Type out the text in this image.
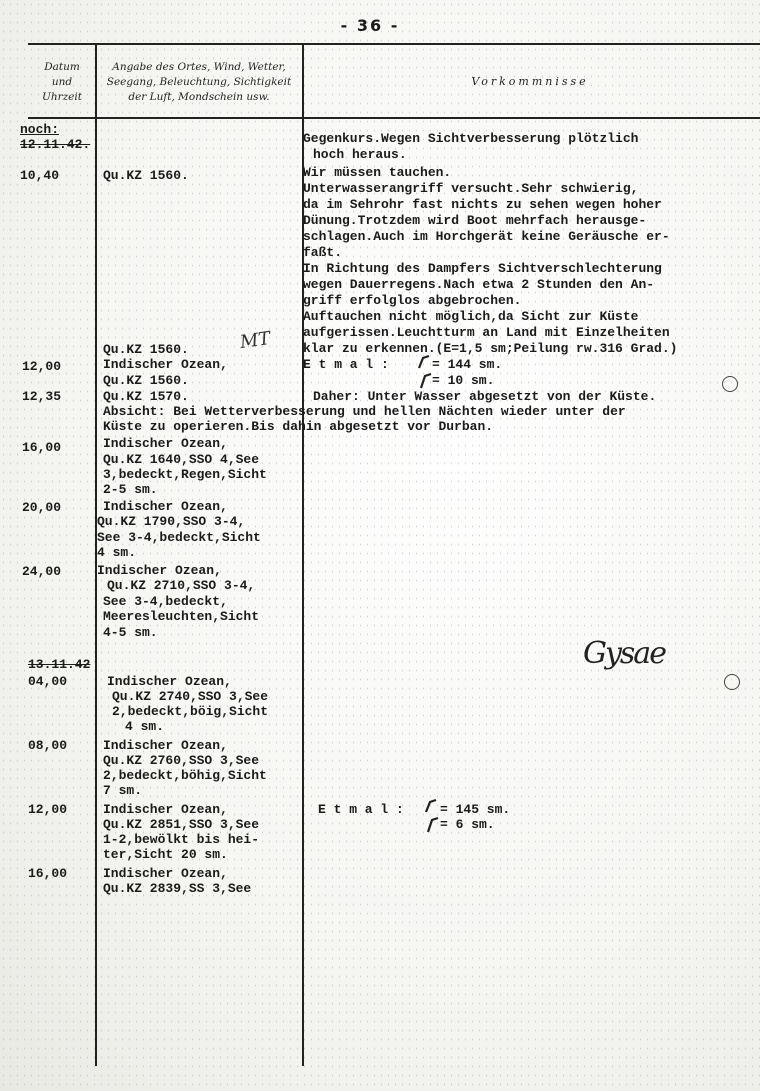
- 36 -
Datum
und
Uhrzeit
Angabe des Ortes, Wind, Wetter,
Seegang, Beleuchtung, Sichtigkeit
der Luft, Mondschein usw.
Vorkommnisse
noch:
12.11.42.
10,40
12,00
12,35
16,00
20,00
24,00
13.11.42
04,00
08,00
12,00
16,00
Qu.KZ 1560.
Qu.KZ 1560.
Indischer Ozean,
Qu.KZ 1560.
Qu.KZ 1570.
Absicht: Bei Wetterverbesserung und hellen Nächten wieder unter der
Küste zu operieren.Bis dahin abgesetzt vor Durban.
Indischer Ozean,
Qu.KZ 1640,SSO 4,See
3,bedeckt,Regen,Sicht
2-5 sm.
Indischer Ozean,
Qu.KZ 1790,SSO 3-4,
See 3-4,bedeckt,Sicht
4 sm.
Indischer Ozean,
Qu.KZ 2710,SSO 3-4,
See 3-4,bedeckt,
Meeresleuchten,Sicht
4-5 sm.
Indischer Ozean,
Qu.KZ 2740,SSO 3,See
2,bedeckt,böig,Sicht
4 sm.
Indischer Ozean,
Qu.KZ 2760,SSO 3,See
2,bedeckt,böhig,Sicht
7 sm.
Indischer Ozean,
Qu.KZ 2851,SSO 3,See
1-2,bewölkt bis hei-
ter,Sicht 20 sm.
Indischer Ozean,
Qu.KZ 2839,SS 3,See
Gegenkurs.Wegen Sichtverbesserung plötzlich
hoch heraus.
Wir müssen tauchen.
Unterwasserangriff versucht.Sehr schwierig,
da im Sehrohr fast nichts zu sehen wegen hoher
Dünung.Trotzdem wird Boot mehrfach herausge-
schlagen.Auch im Horchgerät keine Geräusche er-
faßt.
In Richtung des Dampfers Sichtverschlechterung
wegen Dauerregens.Nach etwa 2 Stunden den An-
griff erfolglos abgebrochen.
Auftauchen nicht möglich,da Sicht zur Küste
aufgerissen.Leuchtturm an Land mit Einzelheiten
klar zu erkennen.(E=1,5 sm;Peilung rw.316 Grad.)
E t m a l :	= 144 sm.
= 10 sm.
Daher: Unter Wasser abgesetzt von der Küste.
E t m a l :	= 145 sm.
= 6 sm.
MT
Gysae
